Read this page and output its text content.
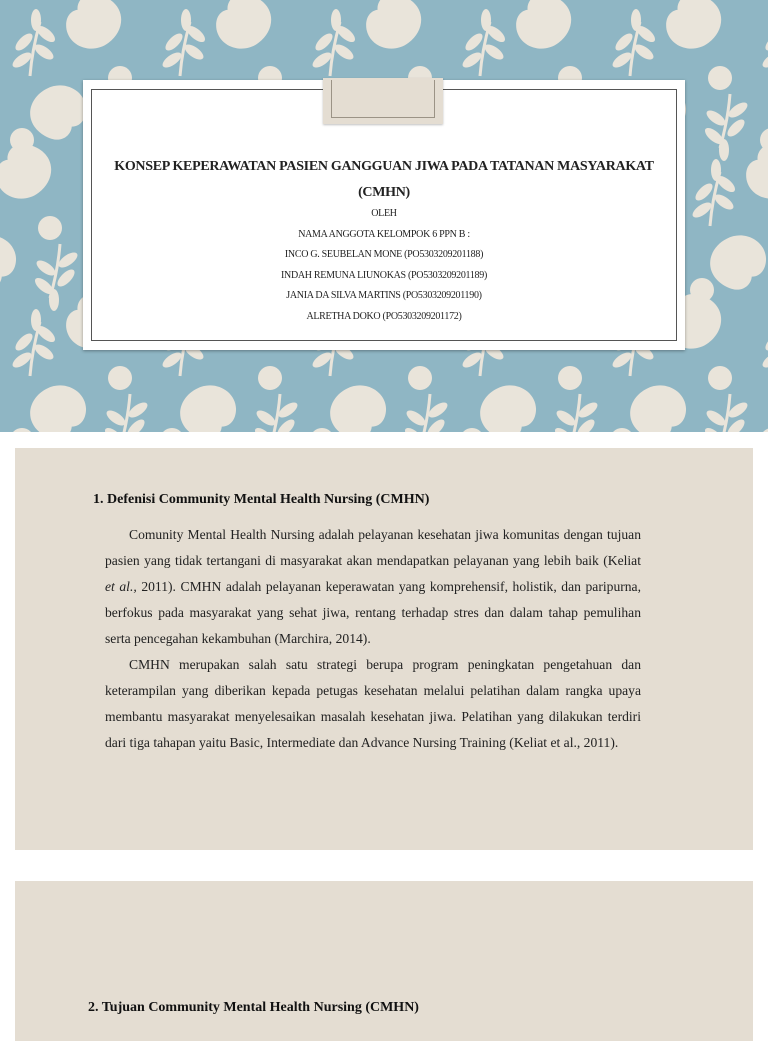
KONSEP KEPERAWATAN PASIEN GANGGUAN JIWA PADA TATANAN MASYARAKAT
(CMHN)
OLEH
NAMA ANGGOTA KELOMPOK 6 PPN B :
INCO G. SEUBELAN MONE (PO5303209201188)
INDAH REMUNA LIUNOKAS (PO5303209201189)
JANIA DA SILVA MARTINS (PO5303209201190)
ALRETHA DOKO (PO5303209201172)
1. Defenisi Community Mental Health Nursing (CMHN)

Comunity Mental Health Nursing adalah pelayanan kesehatan jiwa komunitas dengan tujuan pasien yang tidak tertangani di masyarakat akan mendapatkan pelayanan yang lebih baik (Keliat et al., 2011). CMHN adalah pelayanan keperawatan yang komprehensif, holistik, dan paripurna, berfokus pada masyarakat yang sehat jiwa, rentang terhadap stres dan dalam tahap pemulihan serta pencegahan kekambuhan (Marchira, 2014).

CMHN merupakan salah satu strategi berupa program peningkatan pengetahuan dan keterampilan yang diberikan kepada petugas kesehatan melalui pelatihan dalam rangka upaya membantu masyarakat menyelesaikan masalah kesehatan jiwa. Pelatihan yang dilakukan terdiri dari tiga tahapan yaitu Basic, Intermediate dan Advance Nursing Training (Keliat et al., 2011).

2. Tujuan Community Mental Health Nursing (CMHN)
